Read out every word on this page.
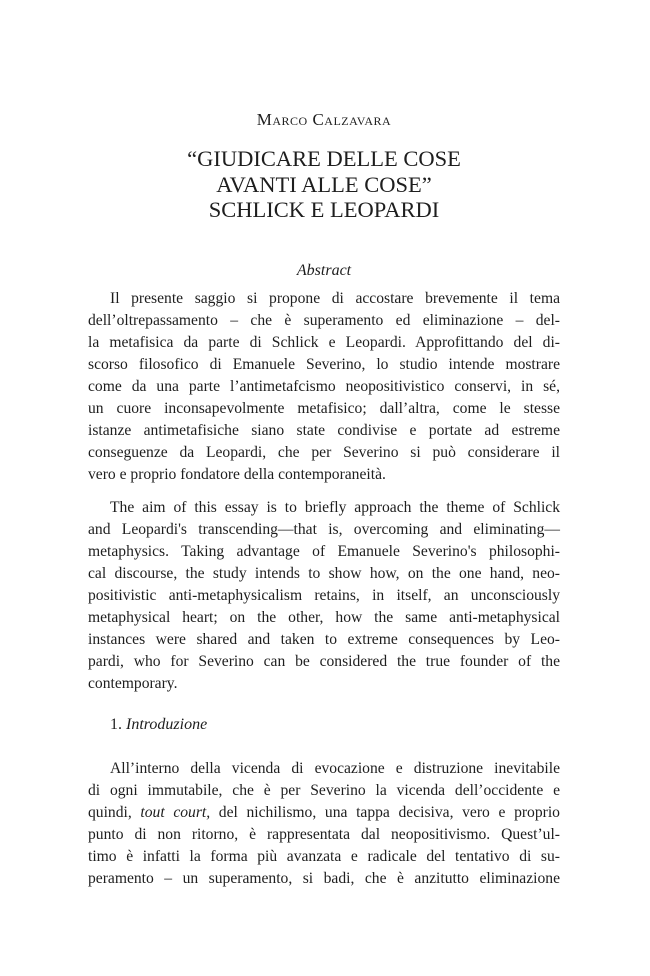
Marco Calzavara
“GIUDICARE DELLE COSE
AVANTI ALLE COSE”
SCHLICK E LEOPARDI
Abstract
Il presente saggio si propone di accostare brevemente il tema
dell’oltrepassamento – che è superamento ed eliminazione – del-
la metafisica da parte di Schlick e Leopardi. Approfittando del di-
scorso filosofico di Emanuele Severino, lo studio intende mostrare
come da una parte l’antimetafcismo neopositivistico conservi, in sé,
un cuore inconsapevolmente metafisico; dall’altra, come le stesse
istanze antimetafisiche siano state condivise e portate ad estreme
conseguenze da Leopardi, che per Severino si può considerare il
vero e proprio fondatore della contemporaneità.
The aim of this essay is to briefly approach the theme of Schlick
and Leopardi's transcending—that is, overcoming and eliminating—
metaphysics. Taking advantage of Emanuele Severino's philosophi-
cal discourse, the study intends to show how, on the one hand, neo-
positivistic anti-metaphysicalism retains, in itself, an unconsciously
metaphysical heart; on the other, how the same anti-metaphysical
instances were shared and taken to extreme consequences by Leo-
pardi, who for Severino can be considered the true founder of the
contemporary.
1. Introduzione
All’interno della vicenda di evocazione e distruzione inevitabile
di ogni immutabile, che è per Severino la vicenda dell’occidente e
quindi, tout court, del nichilismo, una tappa decisiva, vero e proprio
punto di non ritorno, è rappresentata dal neopositivismo. Quest’ul-
timo è infatti la forma più avanzata e radicale del tentativo di su-
peramento – un superamento, si badi, che è anzitutto eliminazione
